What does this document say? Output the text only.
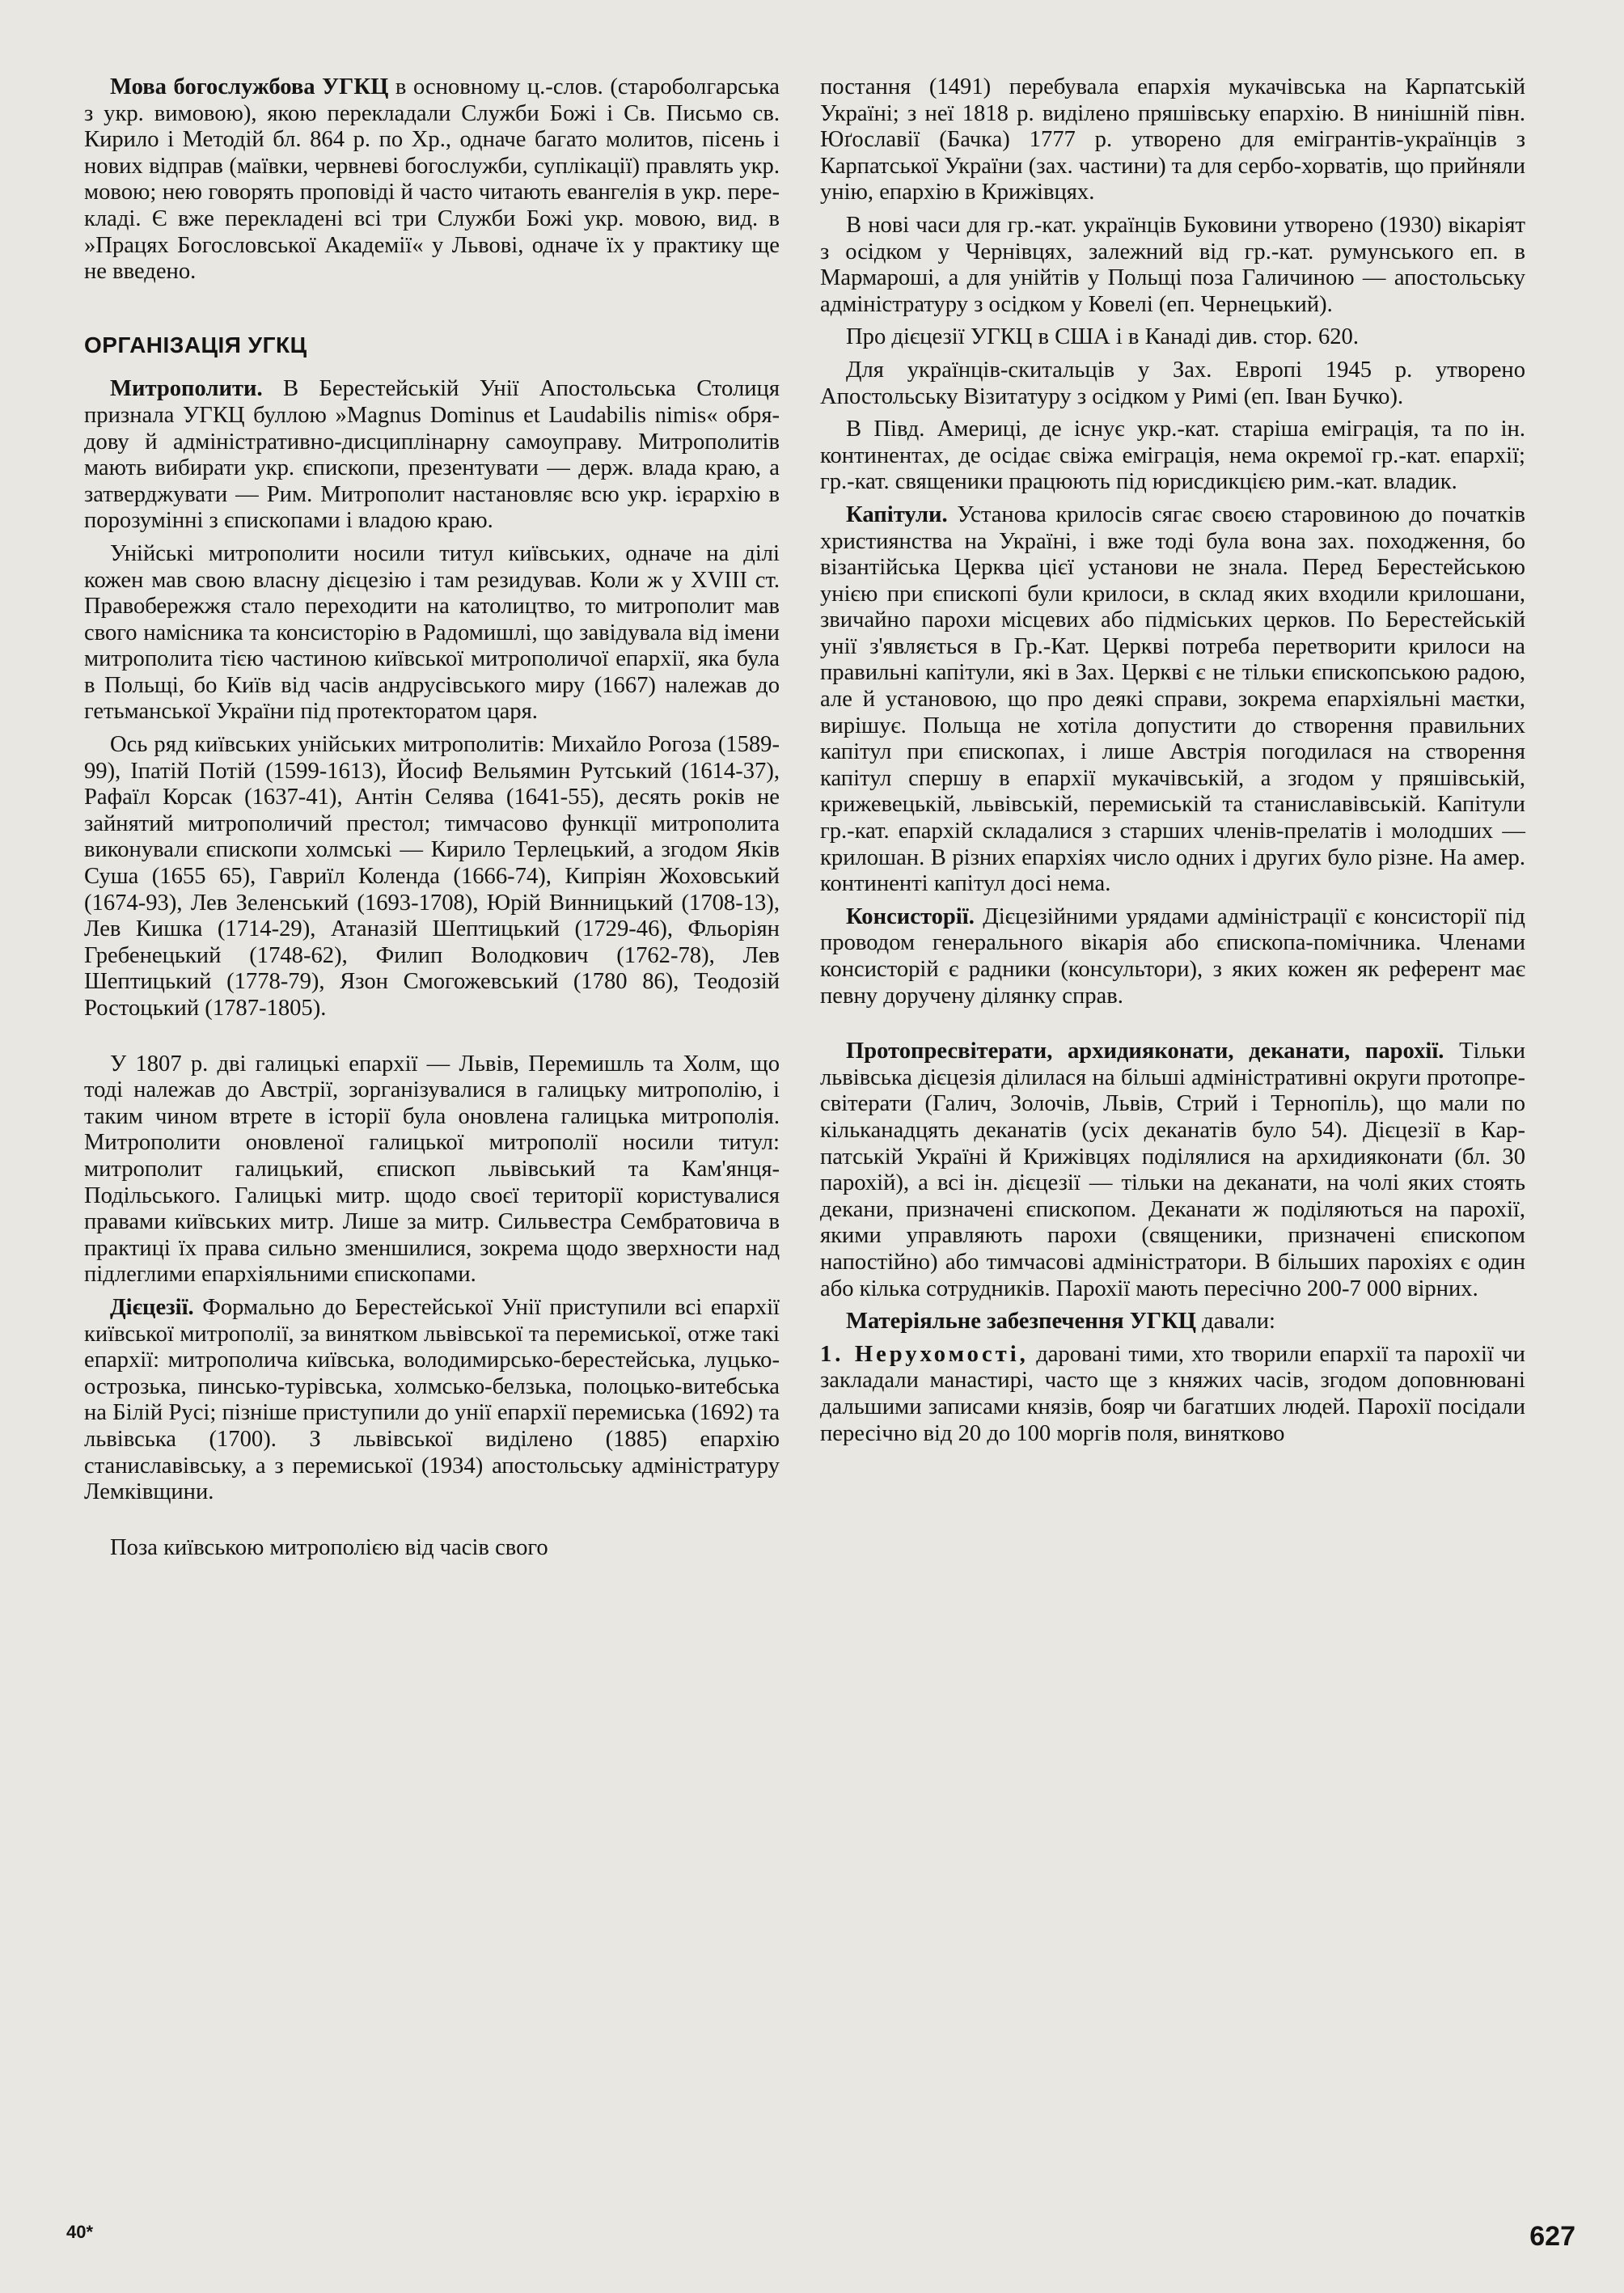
Мова богослужбова УГКЦ в основному ц.-слов. (староболгарська з укр. вимовою), якою перекладали Служби Божі і Св. Письмо св. Кирило і Методій бл. 864 р. по Хр., одначе багато молитов, пісень і нових відправ (маївки, червневі богослужби, суплікації) правлять укр. мовою; нею говорять проповіді й часто читають евангелія в укр. перекладі. Є вже перекладені всі три Служби Божі укр. мовою, вид. в »Працях Богословської Академії« у Львові, одначе їх у практику ще не введено.

ОРГАНІЗАЦІЯ УГКЦ

Митрополити. В Берестейській Унії Апостольська Столиця признала УГКЦ буллою »Magnus Dominus et Laudabilis nimis« обрядову й адміністративно-дисциплінарну самоуправу. Митрополитів мають вибирати укр. єпископи, презентувати — держ. влада краю, а затверджувати — Рим. Митрополит настановляє всю укр. ієрархію в порозумінні з єпископами і владою краю.

Унійські митрополити носили титул київських, одначе на ділі кожен мав свою власну дієцезію і там резидував. Коли ж у XVIII ст. Правобережжя стало переходити на католицтво, то митрополит мав свого намісника та консисторію в Радомишлі, що завідувала від імени митрополита тією частиною київської митрополичої епархії, яка була в Польщі, бо Київ від часів андрусівського миру (1667) належав до гетьманської України під протекторатом царя.

Ось ряд київських унійських митрополитів: Михайло Рогоза (1589-99), Іпатій Потій (1599-1613), Йосиф Вельямин Рутський (1614-37), Рафаїл Корсак (1637-41), Антін Селява (1641-55), десять років не зайнятий митрополичий престол; тимчасово функції митрополита виконували єпископи холмські — Кирило Терлецький, а згодом Яків Суша (1655 65), Гавриїл Коленда (1666-74), Кипріян Жоховський (1674-93), Лев Зеленський (1693-1708), Юрій Винницький (1708-13), Лев Кишка (1714-29), Атаназій Шептицький (1729-46), Фльоріян Гребенецький (1748-62), Филип Володкович (1762-78), Лев Шептицький (1778-79), Язон Смогожевський (1780 86), Теодозій Ростоцький (1787-1805).

У 1807 р. дві галицькі епархії — Львів, Перемишль та Холм, що тоді належав до Австрії, зорганізувалися в галицьку митрополію, і таким чином втрете в історії була оновлена галицька митрополія. Митрополити оновленої галицької митрополії носили титул: митрополит галицький, єпископ львівський та Кам'янця-Подільського. Галицькі митр. щодо своєї території користувалися правами київських митр. Лише за митр. Сильвестра Сембратовича в практиці їх права сильно зменшилися, зокрема щодо зверхности над підлеглими епархіяльними єпископами.

Дієцезії. Формально до Берестейської Унії приступили всі епархії київської митрополії, за винятком львівської та перемиської, отже такі епархії: митрополича київська, володимирсько-берестейська, луцько-острозька, пинсько-турівська, холмсько-белзька, полоцько-витебська на Білій Русі; пізніше приступили до унії епархії перемиська (1692) та львівська (1700). З львівської виділено (1885) епархію станиславівську, а з перемиської (1934) апостольську адміністратуру Лемківщини.

Поза київською митрополією від часів свого

постання (1491) перебувала епархія мукачівська на Карпатській Україні; з неї 1818 р. виділено пряшівську епархію. В нинішній півн. Юґославії (Бачка) 1777 р. утворено для емігрантів-українців з Карпатської України (зах. частини) та для сербо-хорватів, що прийняли унію, епархію в Крижівцях.

В нові часи для гр.-кат. українців Буковини утворено (1930) вікаріят з осідком у Чернівцях, залежний від гр.-кат. румунського еп. в Мармароші, а для унійтів у Польщі поза Галичиною — апостольську адміністратуру з осідком у Ковелі (еп. Чернецький).

Про дієцезії УГКЦ в США і в Канаді див. стор. 620.

Для українців-скитальців у Зах. Европі 1945 р. утворено Апостольську Візитатуру з осідком у Римі (еп. Іван Бучко).

В Півд. Америці, де існує укр.-кат. старіша еміграція, та по ін. континентах, де осідає свіжа еміграція, нема окремої гр.-кат. епархії; гр.-кат. священики працюють під юрисдикцією рим.-кат. владик.

Капітули. Установа крилосів сягає своєю старовиною до початків християнства на Україні, і вже тоді була вона зах. походження, бо візантійська Церква цієї установи не знала. Перед Берестейською унією при єпископі були крилоси, в склад яких входили крилошани, звичайно парохи місцевих або підміських церков. По Берестейській унії з'являється в Гр.-Кат. Церкві потреба перетворити крилоси на правильні капітули, які в Зах. Церкві є не тільки єпископською радою, але й установою, що про деякі справи, зокрема епархіяльні маєтки, вирішує. Польща не хотіла допустити до створення правильних капітул при єпископах, і лише Австрія погодилася на створення капітул спершу в епархії мукачівській, а згодом у пряшівській, крижевецькій, львівській, перемиській та станиславівській. Капітули гр.-кат. епархій складалися з старших членів-прелатів і молодших — крилошан. В різних епархіях число одних і других було різне. На амер. континенті капітул досі нема.

Консисторії. Дієцезійними урядами адміністрації є консисторії під проводом генерального вікарія або єпископа-помічника. Членами консисторій є радники (консультори), з яких кожен як референт має певну доручену ділянку справ.

Протопресвітерати, архидияконати, деканати, парохії. Тільки львівська дієцезія ділилася на більші адміністративні округи протопресвітерати (Галич, Золочів, Львів, Стрий і Тернопіль), що мали по кільканадцять деканатів (усіх деканатів було 54). Дієцезії в Карпатській Україні й Крижівцях поділялися на архидияконати (бл. 30 парохій), а всі ін. дієцезії — тільки на деканати, на чолі яких стоять декани, призначені єпископом. Деканати ж поділяються на парохії, якими управляють парохи (священики, призначені єпископом напостійно) або тимчасові адміністратори. В більших парохіях є один або кілька сотрудників. Парохії мають пересічно 200-7 000 вірних.

Матеріяльне забезпечення УГКЦ давали:

1. Нерухомості, даровані тими, хто творили епархії та парохії чи закладали манастирі, часто ще з княжих часів, згодом доповнювані дальшими записами князів, бояр чи багатших людей. Парохії посідали пересічно від 20 до 100 моргів поля, винятково

40*	627
